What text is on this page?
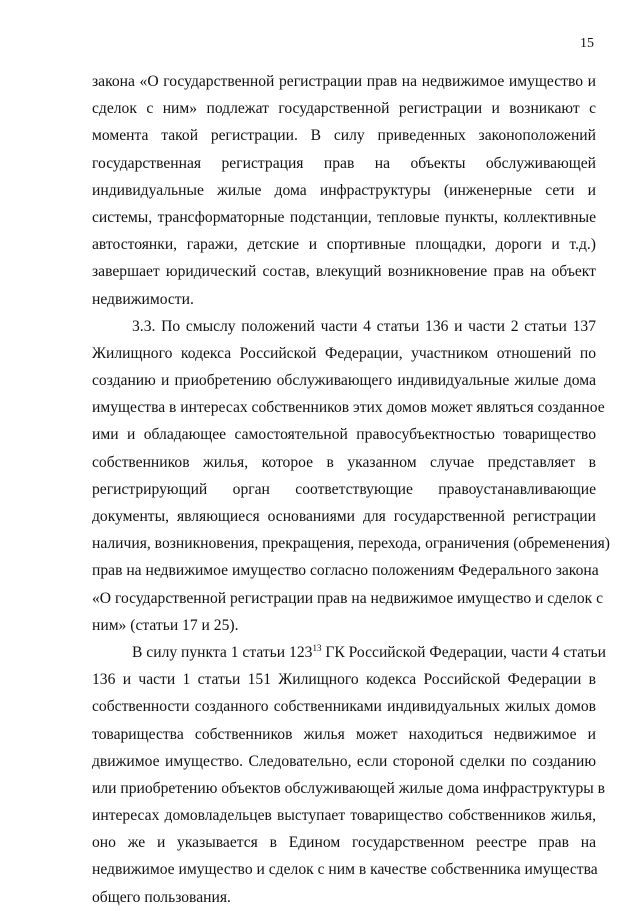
15
закона «О государственной регистрации прав на недвижимое имущество и
сделок с ним» подлежат государственной регистрации и возникают с
момента такой регистрации. В силу приведенных законоположений
государственная регистрация прав на объекты обслуживающей
индивидуальные жилые дома инфраструктуры (инженерные сети и
системы, трансформаторные подстанции, тепловые пункты, коллективные
автостоянки, гаражи, детские и спортивные площадки, дороги и т.д.)
завершает юридический состав, влекущий возникновение прав на объект
недвижимости.
3.3. По смыслу положений части 4 статьи 136 и части 2 статьи 137
Жилищного кодекса Российской Федерации, участником отношений по
созданию и приобретению обслуживающего индивидуальные жилые дома
имущества в интересах собственников этих домов может являться созданное
ими и обладающее самостоятельной правосубъектностью товарищество
собственников жилья, которое в указанном случае представляет в
регистрирующий орган соответствующие правоустанавливающие
документы, являющиеся основаниями для государственной регистрации
наличия, возникновения, прекращения, перехода, ограничения (обременения)
прав на недвижимое имущество согласно положениям Федерального закона
«О государственной регистрации прав на недвижимое имущество и сделок с
ним» (статьи 17 и 25).
В силу пункта 1 статьи $123^{13}$ ГК Российской Федерации, части 4 статьи
136 и части 1 статьи 151 Жилищного кодекса Российской Федерации в
собственности созданного собственниками индивидуальных жилых домов
товарищества собственников жилья может находиться недвижимое и
движимое имущество. Следовательно, если стороной сделки по созданию
или приобретению объектов обслуживающей жилые дома инфраструктуры в
интересах домовладельцев выступает товарищество собственников жилья,
оно же и указывается в Едином государственном реестре прав на
недвижимое имущество и сделок с ним в качестве собственника имущества
общего пользования.
